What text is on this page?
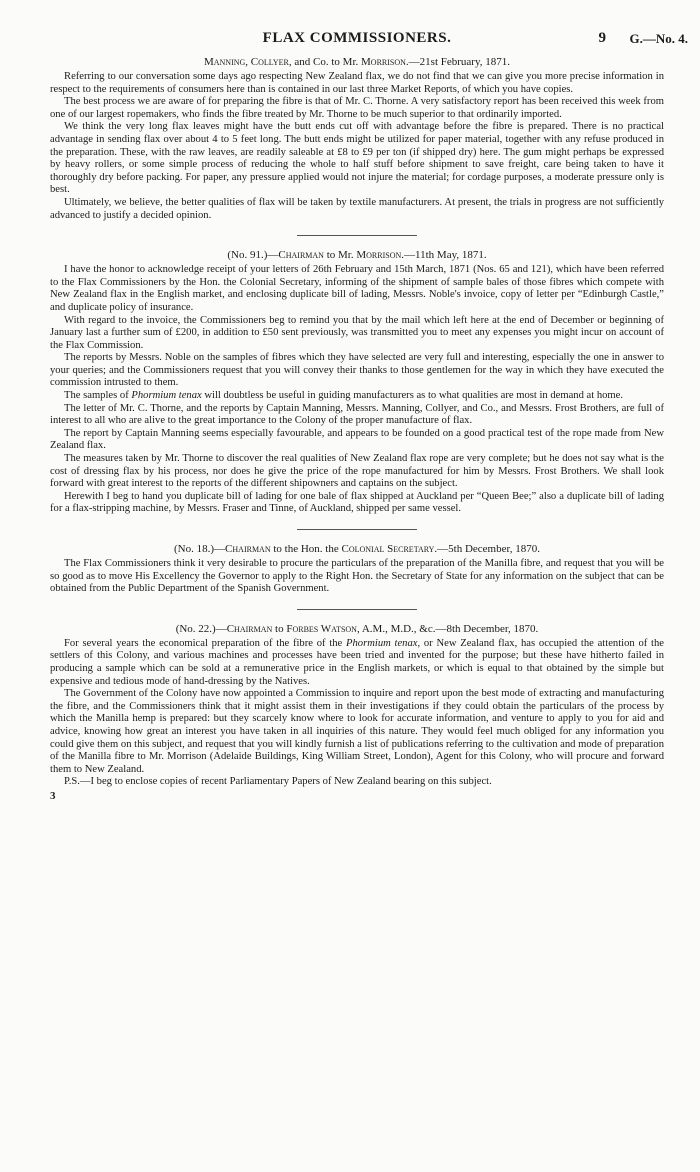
FLAX COMMISSIONERS.	9 G.—No. 4.
Manning, Collyer, and Co. to Mr. Morrison.—21st February, 1871.

Referring to our conversation some days ago respecting New Zealand flax, we do not find that we can give you more precise information in respect to the requirements of consumers here than is contained in our last three Market Reports, of which you have copies.

The best process we are aware of for preparing the fibre is that of Mr. C. Thorne. A very satisfactory report has been received this week from one of our largest ropemakers, who finds the fibre treated by Mr. Thorne to be much superior to that ordinarily imported.

We think the very long flax leaves might have the butt ends cut off with advantage before the fibre is prepared. There is no practical advantage in sending flax over about 4 to 5 feet long. The butt ends might be utilized for paper material, together with any refuse produced in the preparation. These, with the raw leaves, are readily saleable at £8 to £9 per ton (if shipped dry) here. The gum might perhaps be expressed by heavy rollers, or some simple process of reducing the whole to half stuff before shipment to save freight, care being taken to have it thoroughly dry before packing. For paper, any pressure applied would not injure the material; for cordage purposes, a moderate pressure only is best.

Ultimately, we believe, the better qualities of flax will be taken by textile manufacturers. At present, the trials in progress are not sufficiently advanced to justify a decided opinion.

(No. 91.)—Chairman to Mr. Morrison.—11th May, 1871.

I have the honor to acknowledge receipt of your letters of 26th February and 15th March, 1871 (Nos. 65 and 121), which have been referred to the Flax Commissioners by the Hon. the Colonial Secretary, informing of the shipment of sample bales of those fibres which compete with New Zealand flax in the English market, and enclosing duplicate bill of lading, Messrs. Noble's invoice, copy of letter per “Edinburgh Castle,” and duplicate policy of insurance.

With regard to the invoice, the Commissioners beg to remind you that by the mail which left here at the end of December or beginning of January last a further sum of £200, in addition to £50 sent previously, was transmitted you to meet any expenses you might incur on account of the Flax Commission.

The reports by Messrs. Noble on the samples of fibres which they have selected are very full and interesting, especially the one in answer to your queries; and the Commissioners request that you will convey their thanks to those gentlemen for the way in which they have executed the commission intrusted to them.

The samples of Phormium tenax will doubtless be useful in guiding manufacturers as to what qualities are most in demand at home.

The letter of Mr. C. Thorne, and the reports by Captain Manning, Messrs. Manning, Collyer, and Co., and Messrs. Frost Brothers, are full of interest to all who are alive to the great importance to the Colony of the proper manufacture of flax.

The report by Captain Manning seems especially favourable, and appears to be founded on a good practical test of the rope made from New Zealand flax.

The measures taken by Mr. Thorne to discover the real qualities of New Zealand flax rope are very complete; but he does not say what is the cost of dressing flax by his process, nor does he give the price of the rope manufactured for him by Messrs. Frost Brothers. We shall look forward with great interest to the reports of the different shipowners and captains on the subject.

Herewith I beg to hand you duplicate bill of lading for one bale of flax shipped at Auckland per “Queen Bee;” also a duplicate bill of lading for a flax-stripping machine, by Messrs. Fraser and Tinne, of Auckland, shipped per same vessel.

(No. 18.)—Chairman to the Hon. the Colonial Secretary.—5th December, 1870.

The Flax Commissioners think it very desirable to procure the particulars of the preparation of the Manilla fibre, and request that you will be so good as to move His Excellency the Governor to apply to the Right Hon. the Secretary of State for any information on the subject that can be obtained from the Public Department of the Spanish Government.

(No. 22.)—Chairman to Forbes Watson, A.M., M.D., &c.—8th December, 1870.

For several years the economical preparation of the fibre of the Phormium tenax, or New Zealand flax, has occupied the attention of the settlers of this Colony, and various machines and processes have been tried and invented for the purpose; but these have hitherto failed in producing a sample which can be sold at a remunerative price in the English markets, or which is equal to that obtained by the simple but expensive and tedious mode of hand-dressing by the Natives.

The Government of the Colony have now appointed a Commission to inquire and report upon the best mode of extracting and manufacturing the fibre, and the Commissioners think that it might assist them in their investigations if they could obtain the particulars of the process by which the Manilla hemp is prepared: but they scarcely know where to look for accurate information, and venture to apply to you for aid and advice, knowing how great an interest you have taken in all inquiries of this nature. They would feel much obliged for any information you could give them on this subject, and request that you will kindly furnish a list of publications referring to the cultivation and mode of preparation of the Manilla fibre to Mr. Morrison (Adelaide Buildings, King William Street, London), Agent for this Colony, who will procure and forward them to New Zealand.

P.S.—I beg to enclose copies of recent Parliamentary Papers of New Zealand bearing on this subject.

3
